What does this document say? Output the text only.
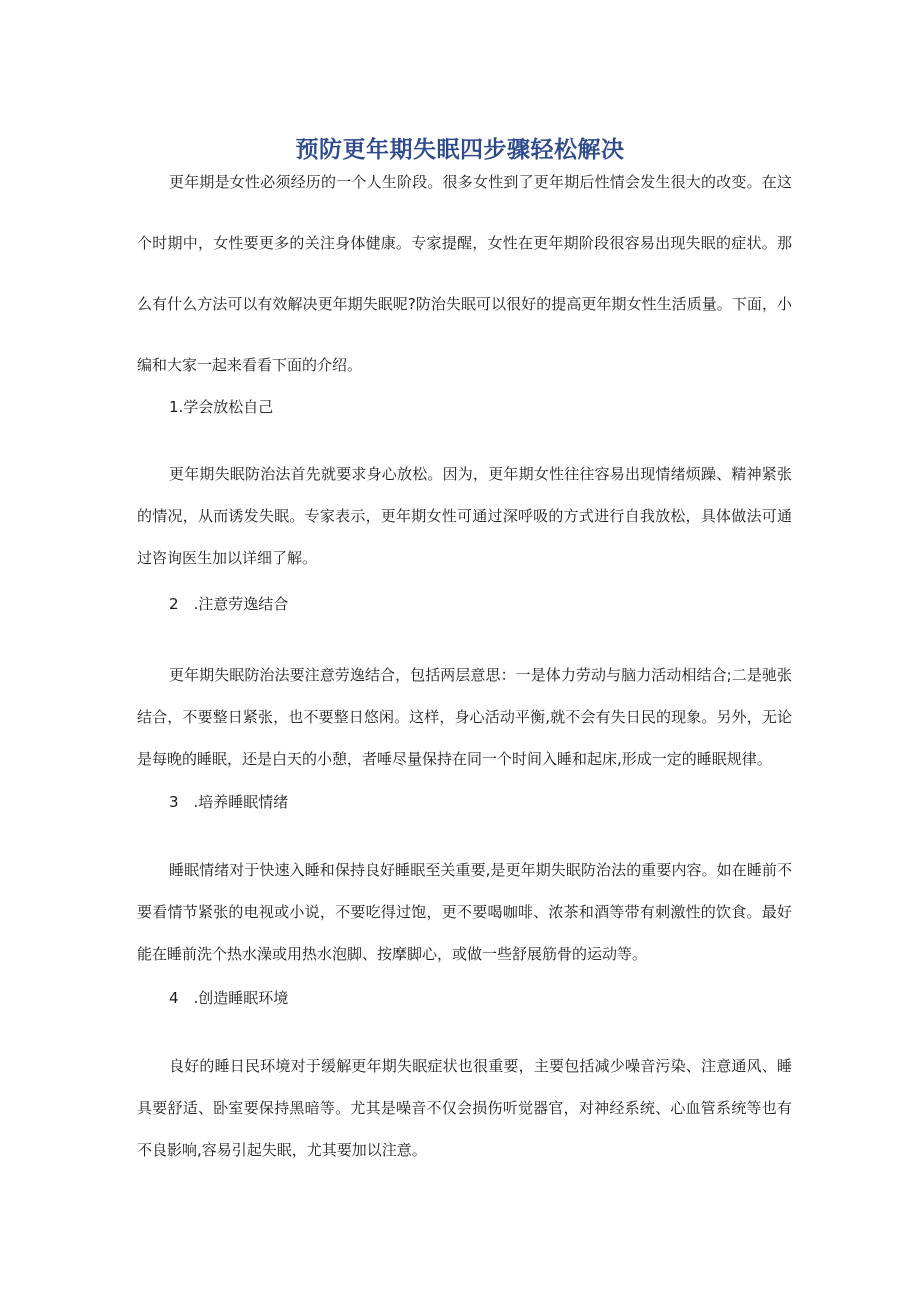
预防更年期失眠四步骤轻松解决

更年期是女性必须经历的一个人生阶段。很多女性到了更年期后性情会发生很大的改变。在这个时期中，女性要更多的关注身体健康。专家提醒，女性在更年期阶段很容易出现失眠的症状。那么有什么方法可以有效解决更年期失眠呢?防治失眠可以很好的提高更年期女性生活质量。下面，小编和大家一起来看看下面的介绍。

1.学会放松自己

更年期失眠防治法首先就要求身心放松。因为，更年期女性往往容易出现情绪烦躁、精神紧张的情况，从而诱发失眠。专家表示，更年期女性可通过深呼吸的方式进行自我放松，具体做法可通过咨询医生加以详细了解。

2　.注意劳逸结合

更年期失眠防治法要注意劳逸结合，包括两层意思：一是体力劳动与脑力活动相结合;二是驰张结合，不要整日紧张，也不要整日悠闲。这样，身心活动平衡,就不会有失日民的现象。另外，无论是每晚的睡眠，还是白天的小憩，者唾尽量保持在同一个时间入睡和起床,形成一定的睡眠规律。

3　.培养睡眠情绪

睡眠情绪对于快速入睡和保持良好睡眠至关重要,是更年期失眠防治法的重要内容。如在睡前不要看情节紧张的电视或小说，不要吃得过饱，更不要喝咖啡、浓茶和酒等带有刺激性的饮食。最好能在睡前洗个热水澡或用热水泡脚、按摩脚心，或做一些舒展筋骨的运动等。

4　.创造睡眠环境

良好的睡日民环境对于缓解更年期失眠症状也很重要，主要包括减少噪音污染、注意通风、睡具要舒适、卧室要保持黑暗等。尤其是噪音不仅会损伤听觉器官，对神经系统、心血管系统等也有不良影响,容易引起失眠，尤其要加以注意。
